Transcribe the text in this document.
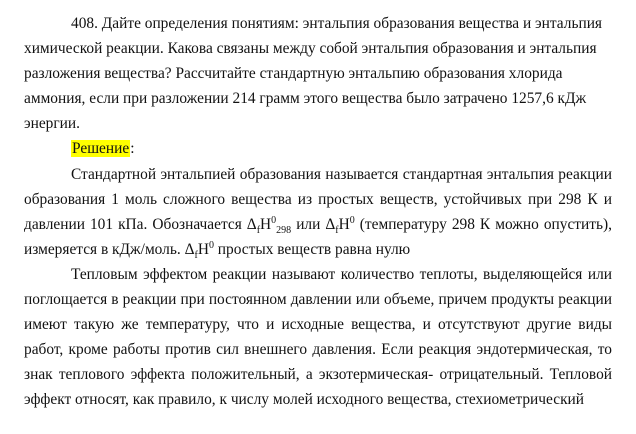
408. Дайте определения понятиям: энтальпия образования вещества и энтальпия химической реакции. Какова связаны между собой энтальпия образования и энтальпия разложения вещества? Рассчитайте стандартную энтальпию образования хлорида аммония, если при разложении 214 грамм этого вещества было затрачено 1257,6 кДж энергии.

Решение:

Стандартной энтальпией образования называется стандартная энтальпия реакции образования 1 моль сложного вещества из простых веществ, устойчивых при 298 К и давлении 101 кПа. Обозначается $\Delta_fH^0_{298}$ или $\Delta_fH^0$ (температуру 298 К можно опустить), измеряется в кДж/моль. $\Delta_fH^0$ простых веществ равна нулю

Тепловым эффектом реакции называют количество теплоты, выделяющейся или поглощается в реакции при постоянном давлении или объеме, причем продукты реакции имеют такую же температуру, что и исходные вещества, и отсутствуют другие виды работ, кроме работы против сил внешнего давления. Если реакция эндотермическая, то знак теплового эффекта положительный, а экзотермическая- отрицательный. Тепловой эффект относят, как правило, к числу молей исходного вещества, стехиометрический
